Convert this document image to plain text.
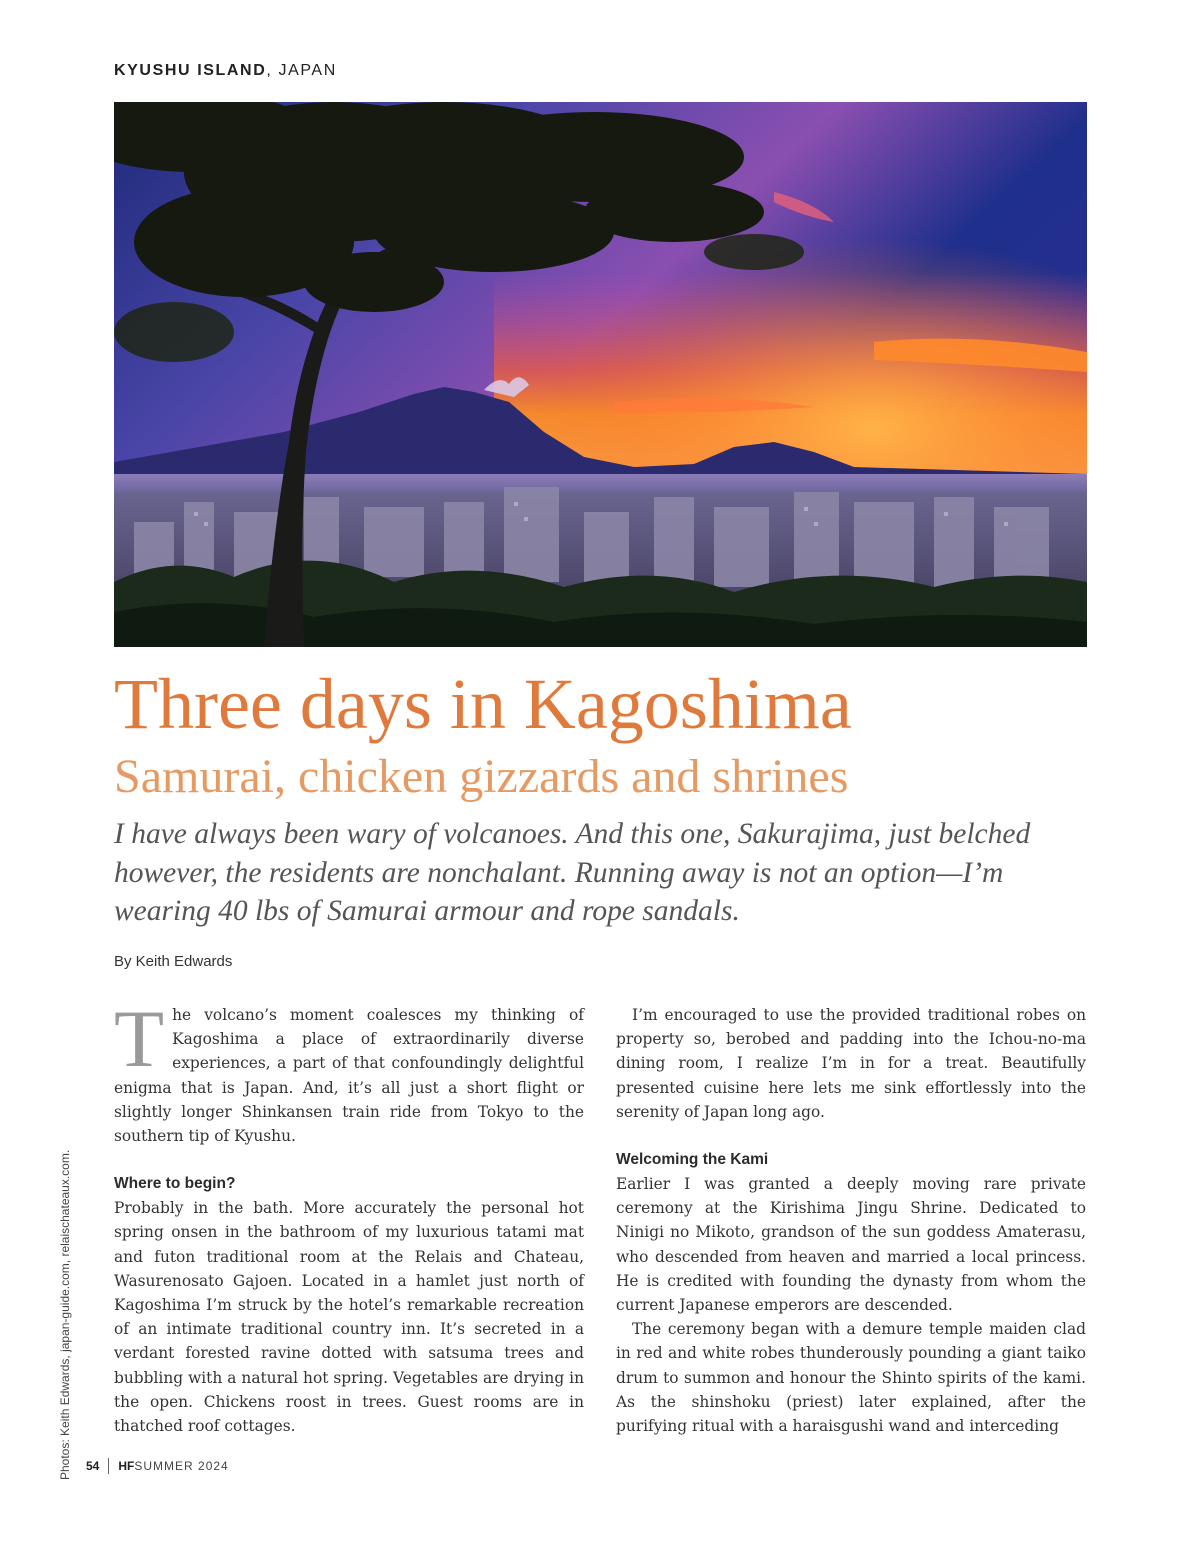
KYUSHU ISLAND, JAPAN
Three days in Kagoshima
Samurai, chicken gizzards and shrines

I have always been wary of volcanoes. And this one, Sakurajima, just belched however, the residents are nonchalant. Running away is not an option—I’m wearing 40 lbs of Samurai armour and rope sandals.

By Keith Edwards

The volcano’s moment coalesces my thinking of Kagoshima a place of extraordinarily diverse experiences, a part of that confoundingly delightful enigma that is Japan. And, it’s all just a short flight or slightly longer Shinkansen train ride from Tokyo to the southern tip of Kyushu.

Where to begin?

Probably in the bath. More accurately the personal hot spring onsen in the bathroom of my luxurious tatami mat and futon traditional room at the Relais and Chateau, Wasurenosato Gajoen. Located in a hamlet just north of Kagoshima I’m struck by the hotel’s remarkable recreation of an intimate traditional country inn. It’s secreted in a verdant forested ravine dotted with satsuma trees and bubbling with a natural hot spring. Vegetables are drying in the open. Chickens roost in trees. Guest rooms are in thatched roof cottages.

I’m encouraged to use the provided traditional robes on property so, berobed and padding into the Ichou-no-ma dining room, I realize I’m in for a treat. Beautifully presented cuisine here lets me sink effortlessly into the serenity of Japan long ago.

Welcoming the Kami

Earlier I was granted a deeply moving rare private ceremony at the Kirishima Jingu Shrine. Dedicated to Ninigi no Mikoto, grandson of the sun goddess Amaterasu, who descended from heaven and married a local princess. He is credited with founding the dynasty from whom the current Japanese emperors are descended.

The ceremony began with a demure temple maiden clad in red and white robes thunderously pounding a giant taiko drum to summon and honour the Shinto spirits of the kami. As the shinshoku (priest) later explained, after the purifying ritual with a haraisgushi wand and interceding

Photos: Keith Edwards, japan-guide.com, relaischateaux.com. 54 HF SUMMER 2024
